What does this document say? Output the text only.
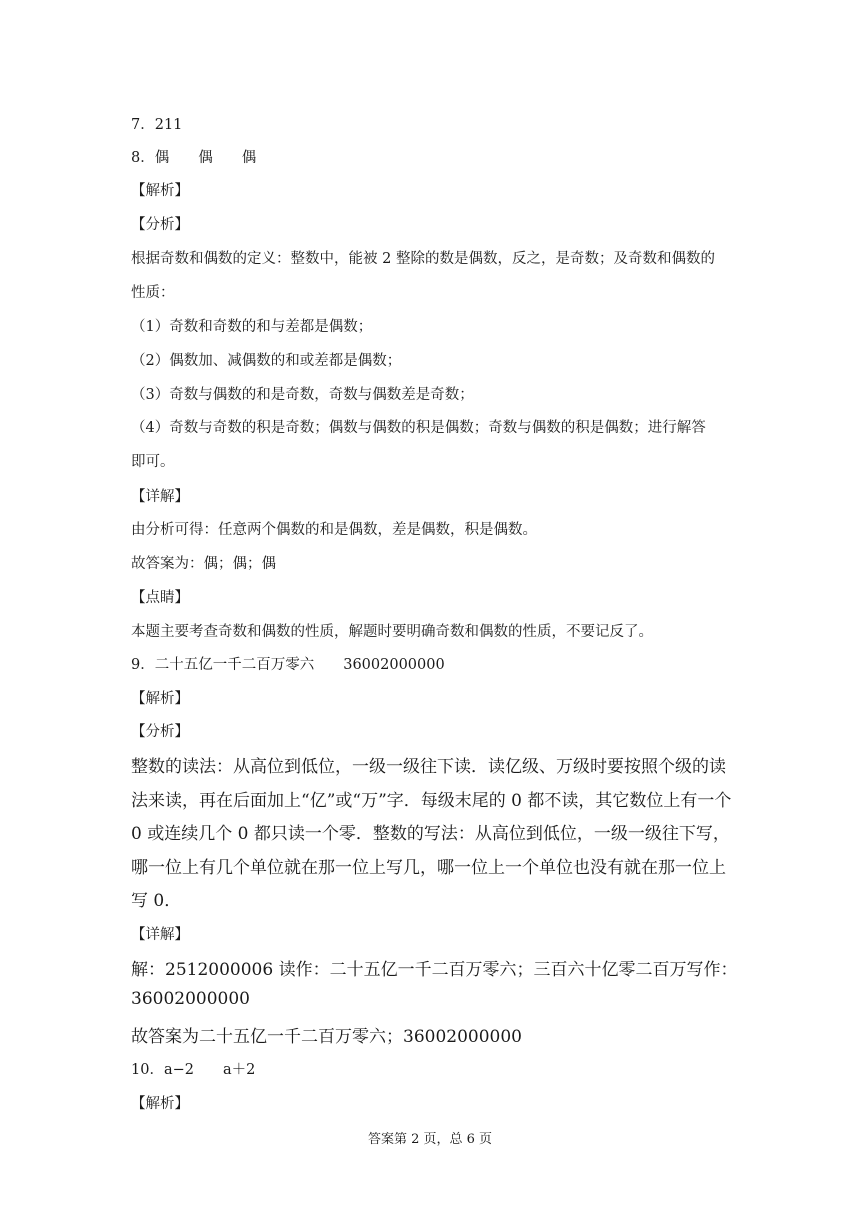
7．211
8．偶　　偶　　偶
【解析】
【分析】
根据奇数和偶数的定义：整数中，能被 2 整除的数是偶数，反之，是奇数；及奇数和偶数的
性质：
（1）奇数和奇数的和与差都是偶数；
（2）偶数加、减偶数的和或差都是偶数；
（3）奇数与偶数的和是奇数，奇数与偶数差是奇数；
（4）奇数与奇数的积是奇数；偶数与偶数的积是偶数；奇数与偶数的积是偶数；进行解答
即可。
【详解】
由分析可得：任意两个偶数的和是偶数，差是偶数，积是偶数。
故答案为：偶；偶；偶
【点睛】
本题主要考查奇数和偶数的性质，解题时要明确奇数和偶数的性质，不要记反了。
9．二十五亿一千二百万零六　　36002000000
【解析】
【分析】
整数的读法：从高位到低位，一级一级往下读．读亿级、万级时要按照个级的读
法来读，再在后面加上“亿”或“万”字．每级末尾的 0 都不读，其它数位上有一个
0 或连续几个 0 都只读一个零．整数的写法：从高位到低位，一级一级往下写，
哪一位上有几个单位就在那一位上写几，哪一位上一个单位也没有就在那一位上
写 0．
【详解】
解：2512000006 读作：二十五亿一千二百万零六；三百六十亿零二百万写作：
36002000000
故答案为二十五亿一千二百万零六；36002000000
10．a−2　　a＋2
【解析】
答案第 2 页，总 6 页
